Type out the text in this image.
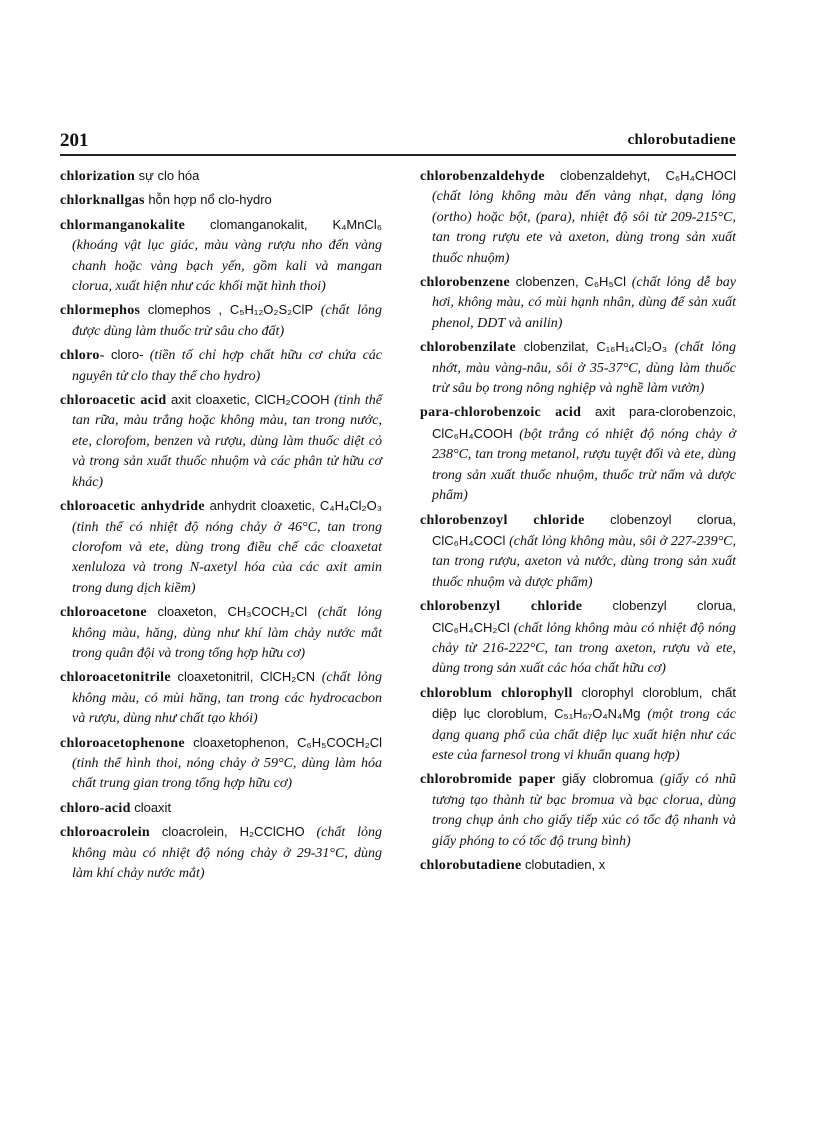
201	chlorobutadiene

chlorization sự clo hóa

chlorknallgas hỗn hợp nổ clo-hydro

chlormanganokalite clomanganokalit, K₄MnCl₆ (khoáng vật lục giác, màu vàng rượu nho đến vàng chanh hoặc vàng bạch yến, gồm kali và mangan clorua, xuất hiện như các khối mặt hình thoi)

chlormephos clomephos , C₅H₁₂O₂S₂ClP (chất lỏng được dùng làm thuốc trừ sâu cho đất)

chloro- cloro- (tiền tố chỉ hợp chất hữu cơ chứa các nguyên tử clo thay thế cho hydro)

chloroacetic acid axit cloaxetic, ClCH₂COOH (tinh thể tan rữa, màu trắng hoặc không màu, tan trong nước, ete, clorofom, benzen và rượu, dùng làm thuốc diệt cỏ và trong sản xuất thuốc nhuộm và các phân tử hữu cơ khác)

chloroacetic anhydride anhydrit cloaxetic, C₄H₄Cl₂O₃ (tinh thể có nhiệt độ nóng chảy ở 46°C, tan trong clorofom và ete, dùng trong điều chế các cloaxetat xenluloza và trong N-axetyl hóa của các axit amin trong dung dịch kiềm)

chloroacetone cloaxeton, CH₃COCH₂Cl (chất lỏng không màu, hăng, dùng như khí làm chảy nước mắt trong quân đội và trong tổng hợp hữu cơ)

chloroacetonitrile cloaxetonitril, ClCH₂CN (chất lỏng không màu, có mùi hăng, tan trong các hydrocacbon và rượu, dùng như chất tạo khói)

chloroacetophenone cloaxetophenon, C₆H₅COCH₂Cl (tinh thể hình thoi, nóng chảy ở 59°C, dùng làm hóa chất trung gian trong tổng hợp hữu cơ)

chloro-acid cloaxit

chloroacrolein cloacrolein, H₂CClCHO (chất lỏng không màu có nhiệt độ nóng chảy ở 29-31°C, dùng làm khí chảy nước mắt)

chlorobenzaldehyde clobenzaldehyt, C₆H₄CHOCl (chất lỏng không màu đến vàng nhạt, dạng lỏng (ortho) hoặc bột, (para), nhiệt độ sôi từ 209-215°C, tan trong rượu ete và axeton, dùng trong sản xuất thuốc nhuộm)

chlorobenzene clobenzen, C₆H₅Cl (chất lỏng dễ bay hơi, không màu, có mùi hạnh nhân, dùng để sản xuất phenol, DDT và anilin)

chlorobenzilate clobenzilat, C₁₆H₁₄Cl₂O₃ (chất lỏng nhớt, màu vàng-nâu, sôi ở 35-37°C, dùng làm thuốc trừ sâu bọ trong nông nghiệp và nghề làm vườn)

para-chlorobenzoic acid axit para-clorobenzoic, ClC₆H₄COOH (bột trắng có nhiệt độ nóng chảy ở 238°C, tan trong metanol, rượu tuyệt đối và ete, dùng trong sản xuất thuốc nhuộm, thuốc trừ nấm và dược phẩm)

chlorobenzoyl chloride clobenzoyl clorua, ClC₆H₄COCl (chất lỏng không màu, sôi ở 227-239°C, tan trong rượu, axeton và nước, dùng trong sản xuất thuốc nhuộm và dược phẩm)

chlorobenzyl chloride clobenzyl clorua, ClC₆H₄CH₂Cl (chất lỏng không màu có nhiệt độ nóng chảy từ 216-222°C, tan trong axeton, rượu và ete, dùng trong sản xuất các hóa chất hữu cơ)

chloroblum chlorophyll clorophyl cloroblum, chất diệp lục cloroblum, C₅₁H₆₇O₄N₄Mg (một trong các dạng quang phổ của chất diệp lục xuất hiện như các este của farnesol trong vi khuẩn quang hợp)

chlorobromide paper giấy clobromua (giấy có nhũ tương tạo thành từ bạc bromua và bạc clorua, dùng trong chụp ảnh cho giấy tiếp xúc có tốc độ nhanh và giấy phóng to có tốc độ trung bình)

chlorobutadiene clobutadien, x
